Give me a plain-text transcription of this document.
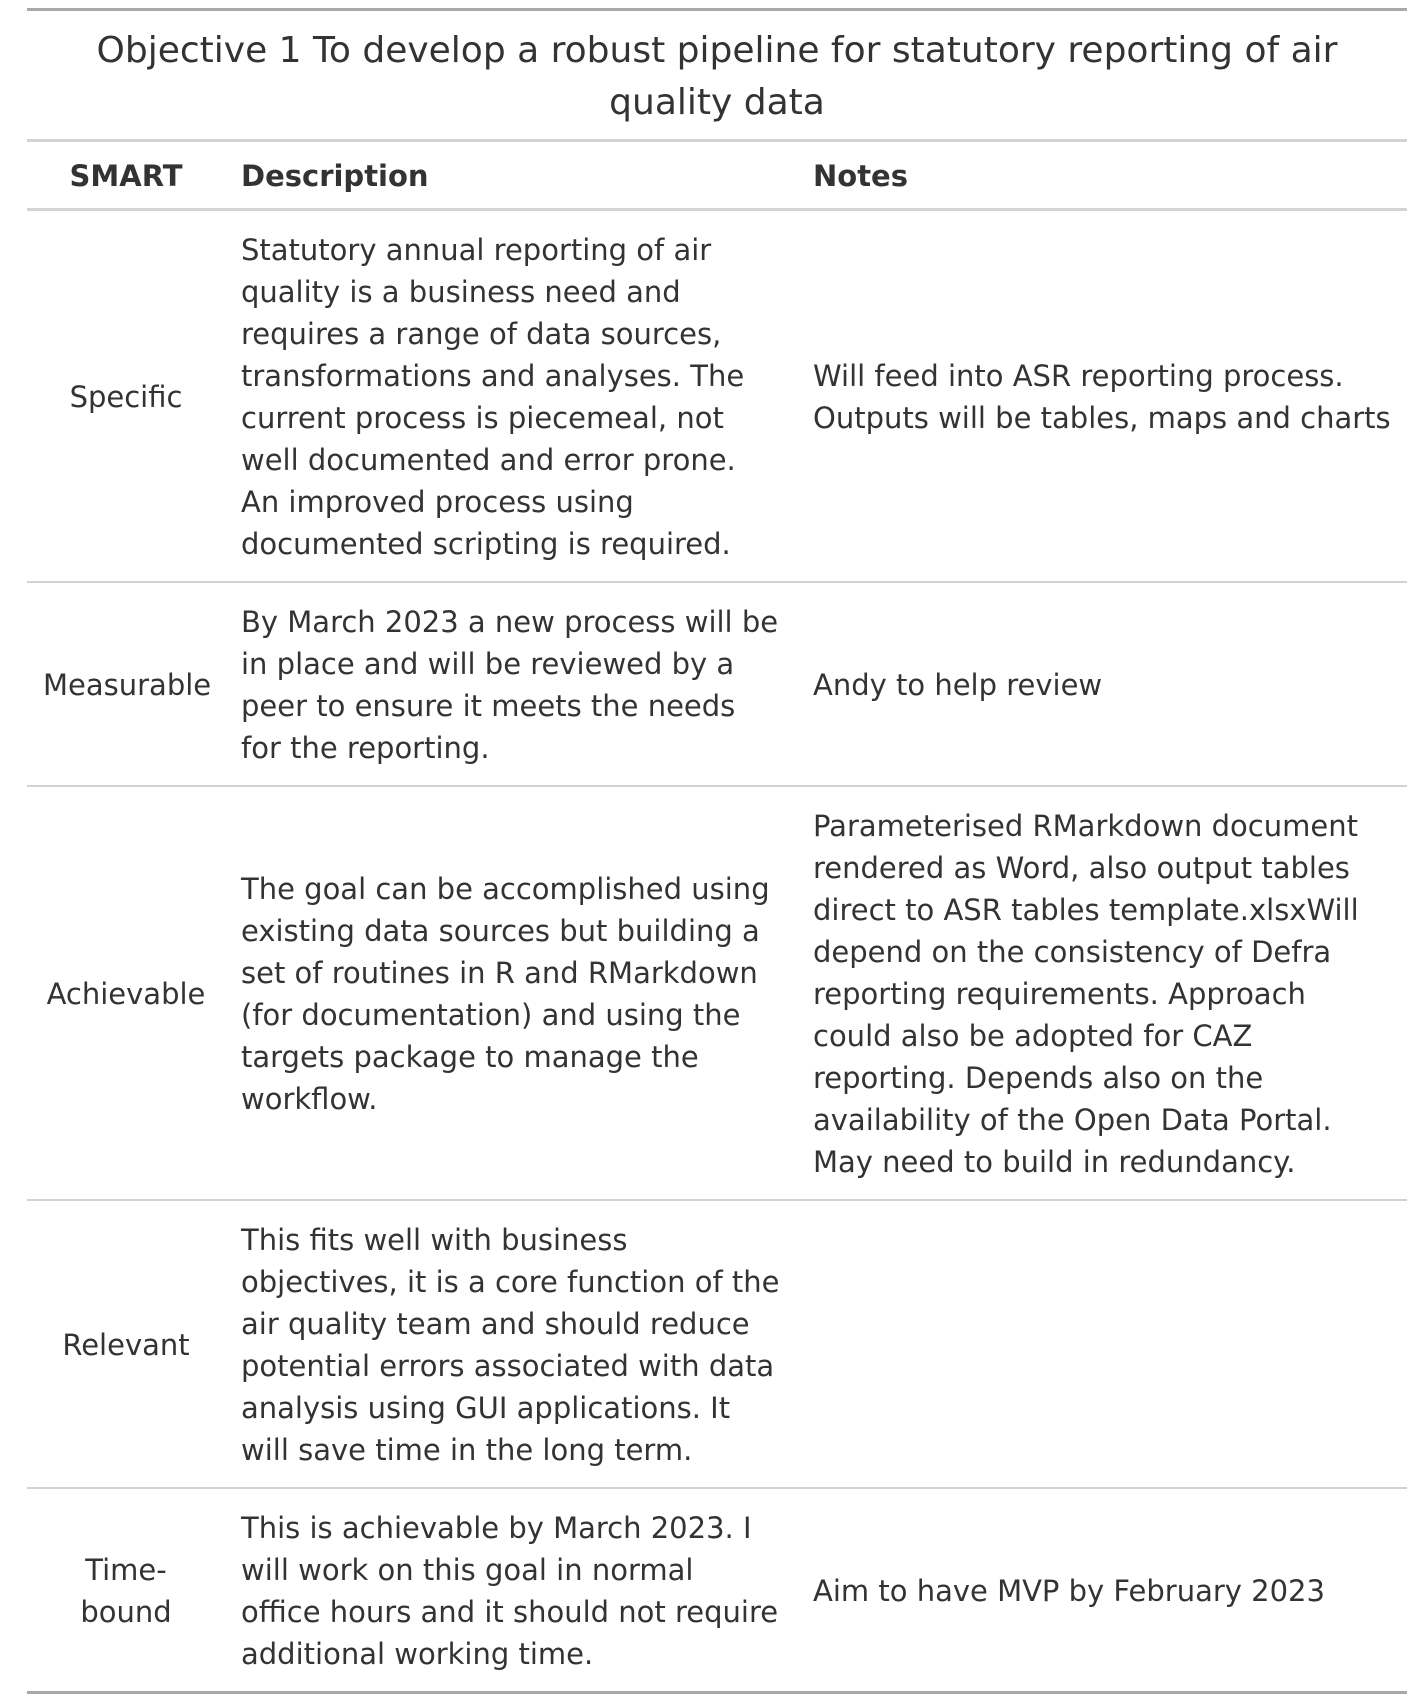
Objective 1 To develop a robust pipeline for statutory reporting of air quality data
SMART	Description	Notes
Specific	Statutory annual reporting of air quality is a business need and requires a range of data sources, transformations and analyses. The current process is piecemeal, not well documented and error prone. An improved process using documented scripting is required.	Will feed into ASR reporting process. Outputs will be tables, maps and charts
Measurable	By March 2023 a new process will be in place and will be reviewed by a peer to ensure it meets the needs for the reporting.	Andy to help review
Achievable	The goal can be accomplished using existing data sources but building a set of routines in R and RMarkdown (for documentation) and using the targets package to manage the workflow.	Parameterised RMarkdown document rendered as Word, also output tables direct to ASR tables template.xlsxWill depend on the consistency of Defra reporting requirements. Approach could also be adopted for CAZ reporting. Depends also on the availability of the Open Data Portal. May need to build in redundancy.
Relevant	This fits well with business objectives, it is a core function of the air quality team and should reduce potential errors associated with data analysis using GUI applications. It will save time in the long term.	
Time-bound	This is achievable by March 2023. I will work on this goal in normal office hours and it should not require additional working time.	Aim to have MVP by February 2023
